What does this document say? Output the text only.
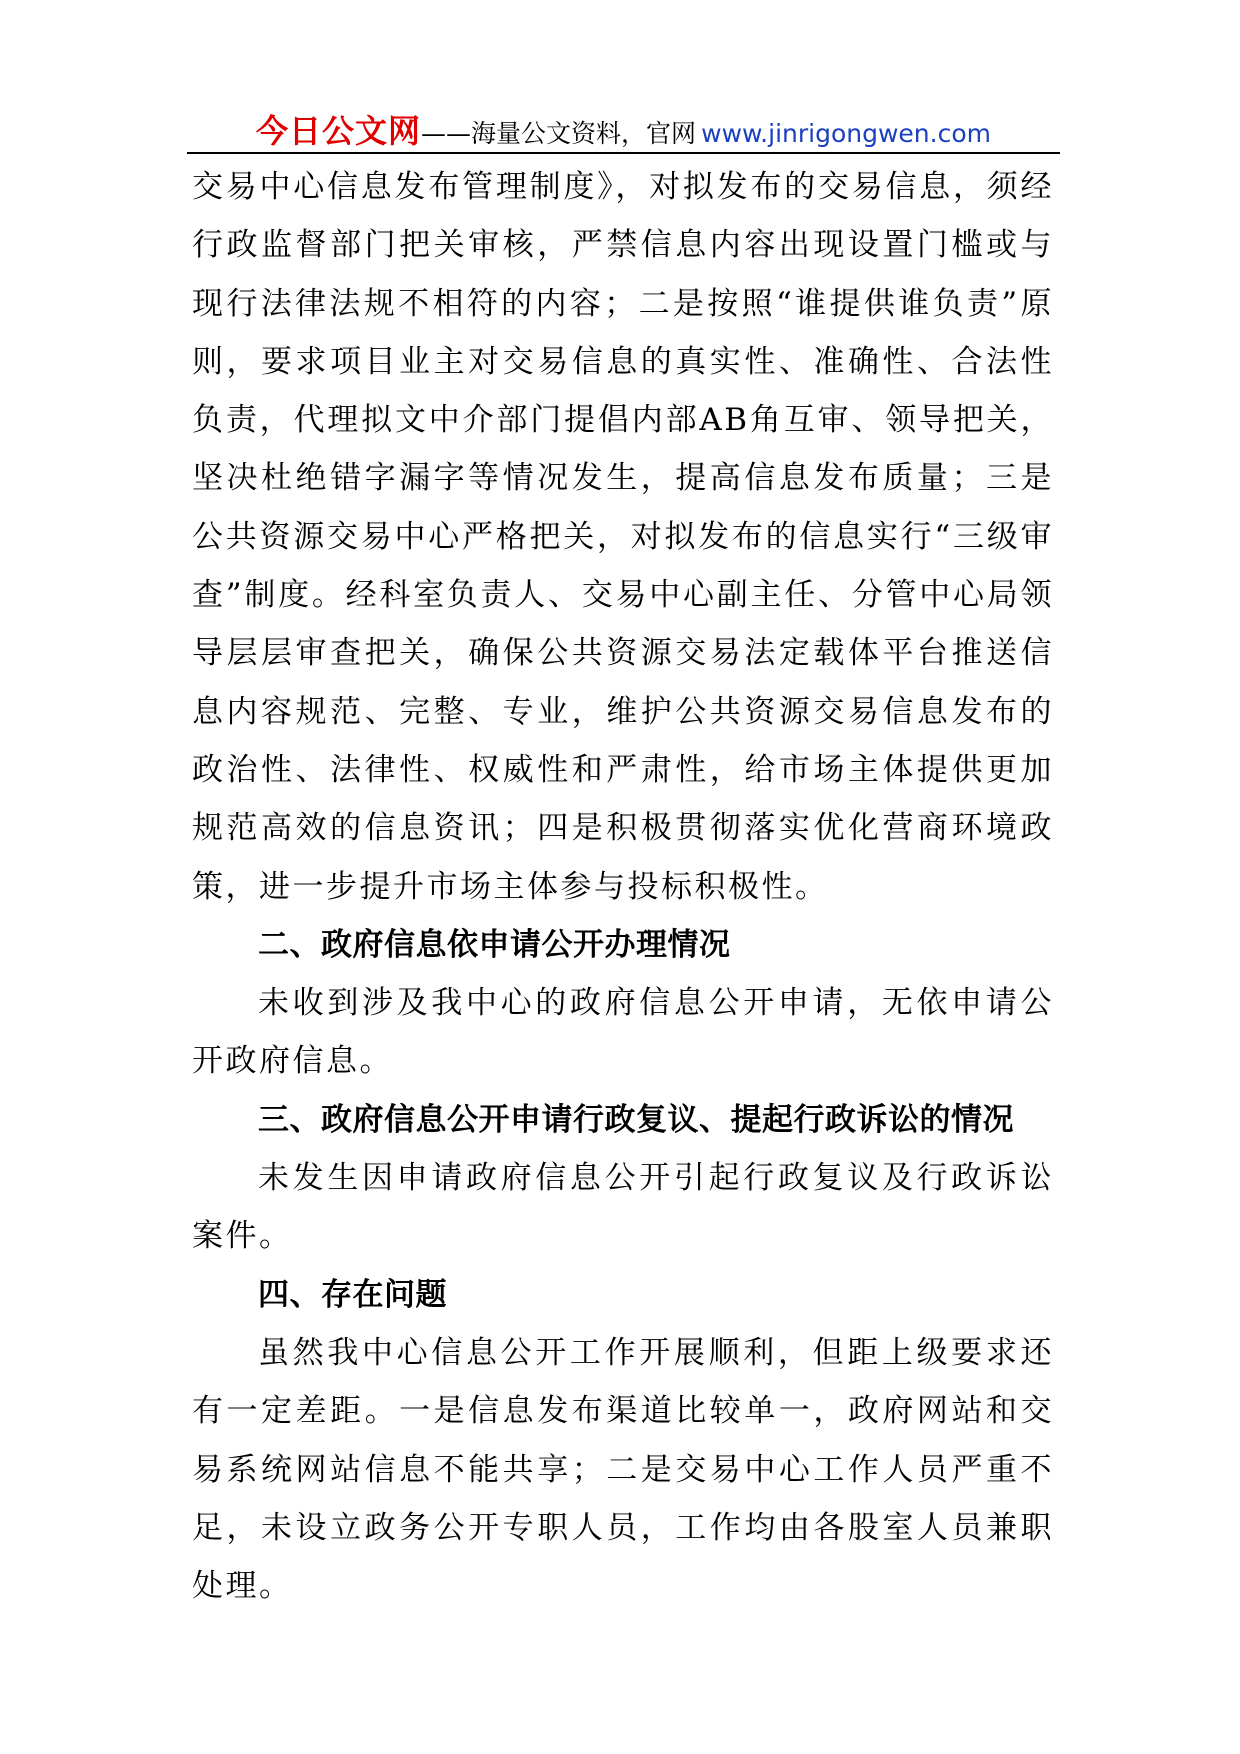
今日公文网——海量公文资料，官网 www.jinrigongwen.com

交易中心信息发布管理制度》，对拟发布的交易信息，须经行政监督部门把关审核，严禁信息内容出现设置门槛或与现行法律法规不相符的内容；二是按照“谁提供谁负责”原则，要求项目业主对交易信息的真实性、准确性、合法性负责，代理拟文中介部门提倡内部AB角互审、领导把关，坚决杜绝错字漏字等情况发生，提高信息发布质量；三是公共资源交易中心严格把关，对拟发布的信息实行“三级审查”制度。经科室负责人、交易中心副主任、分管中心局领导层层审查把关，确保公共资源交易法定载体平台推送信息内容规范、完整、专业，维护公共资源交易信息发布的政治性、法律性、权威性和严肃性，给市场主体提供更加规范高效的信息资讯；四是积极贯彻落实优化营商环境政策，进一步提升市场主体参与投标积极性。

二、政府信息依申请公开办理情况

未收到涉及我中心的政府信息公开申请，无依申请公开政府信息。

三、政府信息公开申请行政复议、提起行政诉讼的情况

未发生因申请政府信息公开引起行政复议及行政诉讼案件。

四、存在问题

虽然我中心信息公开工作开展顺利，但距上级要求还有一定差距。一是信息发布渠道比较单一，政府网站和交易系统网站信息不能共享；二是交易中心工作人员严重不足，未设立政务公开专职人员，工作均由各股室人员兼职处理。
